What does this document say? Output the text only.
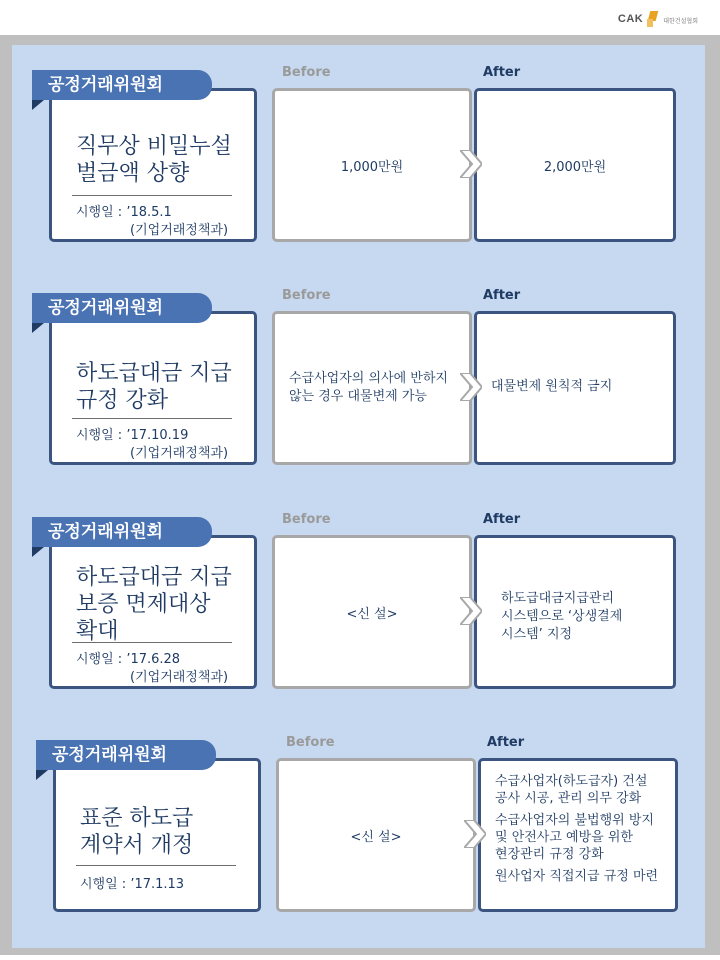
CAK	대한건설협회
공정거래위원회
직무상 비밀누설
벌금액 상향
시행일 : ’18.5.1
(기업거래정책과)
Before	After
1,000만원	2,000만원
공정거래위원회
하도급대금 지급
규정 강화
시행일 : ’17.10.19
(기업거래정책과)
Before	After
수급사업자의 의사에 반하지
않는 경우 대물변제 가능
대물변제 원칙적 금지
공정거래위원회
하도급대금 지급
보증 면제대상
확대
시행일 : ’17.6.28
(기업거래정책과)
Before	After
<신 설>
하도급대금지급관리
시스템으로 ‘상생결제
시스템’ 지정
공정거래위원회
표준 하도급
계약서 개정
시행일 : ’17.1.13
Before	After
<신 설>
수급사업자(하도급자) 건설
공사 시공, 관리 의무 강화
수급사업자의 불법행위 방지
및 안전사고 예방을 위한
현장관리 규정 강화
원사업자 직접지급 규정 마련
